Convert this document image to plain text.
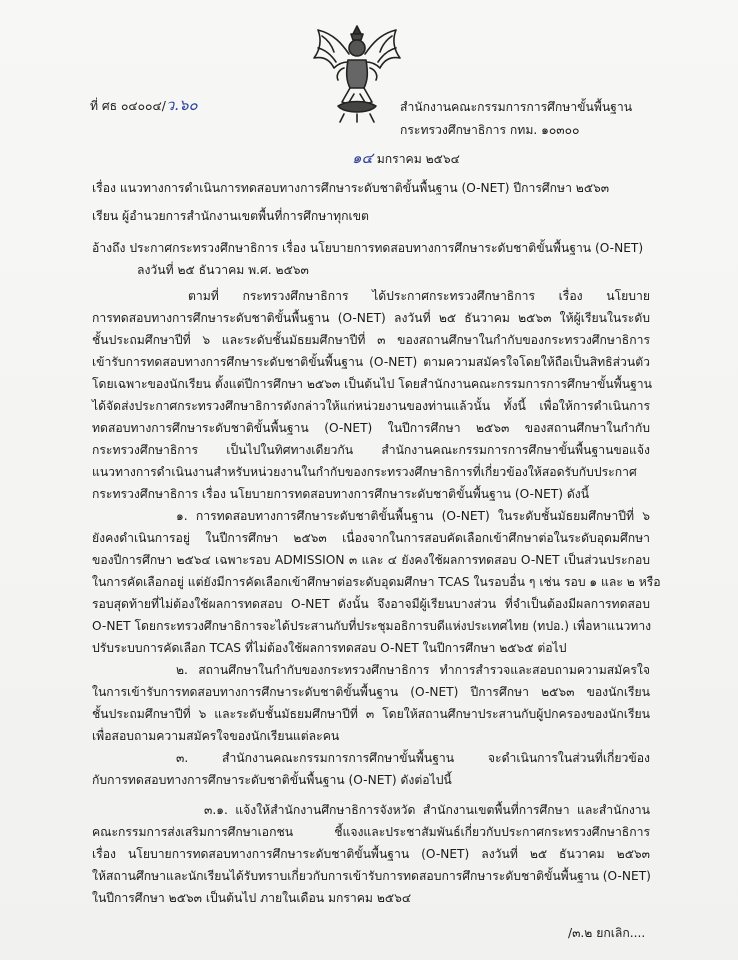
ที่ ศธ ๐๔๐๐๔/ว.๖๐	สำนักงานคณะกรรมการการศึกษาขั้นพื้นฐาน
กระทรวงศึกษาธิการ กทม. ๑๐๓๐๐
๑๔ มกราคม ๒๕๖๔
เรื่อง แนวทางการดำเนินการทดสอบทางการศึกษาระดับชาติขั้นพื้นฐาน (O-NET) ปีการศึกษา ๒๕๖๓
เรียน ผู้อำนวยการสำนักงานเขตพื้นที่การศึกษาทุกเขต
อ้างถึง ประกาศกระทรวงศึกษาธิการ เรื่อง นโยบายการทดสอบทางการศึกษาระดับชาติขั้นพื้นฐาน (O-NET)
ลงวันที่ ๒๕ ธันวาคม พ.ศ. ๒๕๖๓
ตามที่ กระทรวงศึกษาธิการ ได้ประกาศกระทรวงศึกษาธิการ เรื่อง นโยบาย
การทดสอบทางการศึกษาระดับชาติขั้นพื้นฐาน (O-NET) ลงวันที่ ๒๕ ธันวาคม ๒๕๖๓ ให้ผู้เรียนในระดับ
ชั้นประถมศึกษาปีที่ ๖ และระดับชั้นมัธยมศึกษาปีที่ ๓ ของสถานศึกษาในกำกับของกระทรวงศึกษาธิการ
เข้ารับการทดสอบทางการศึกษาระดับชาติขั้นพื้นฐาน (O-NET) ตามความสมัครใจโดยให้ถือเป็นสิทธิส่วนตัว
โดยเฉพาะของนักเรียน ตั้งแต่ปีการศึกษา ๒๕๖๓ เป็นต้นไป โดยสำนักงานคณะกรรมการการศึกษาขั้นพื้นฐาน
ได้จัดส่งประกาศกระทรวงศึกษาธิการดังกล่าวให้แก่หน่วยงานของท่านแล้วนั้น ทั้งนี้ เพื่อให้การดำเนินการ
ทดสอบทางการศึกษาระดับชาติขั้นพื้นฐาน (O-NET) ในปีการศึกษา ๒๕๖๓ ของสถานศึกษาในกำกับ
กระทรวงศึกษาธิการ เป็นไปในทิศทางเดียวกัน สำนักงานคณะกรรมการการศึกษาขั้นพื้นฐานขอแจ้ง
แนวทางการดำเนินงานสำหรับหน่วยงานในกำกับของกระทรวงศึกษาธิการที่เกี่ยวข้องให้สอดรับกับประกาศ
กระทรวงศึกษาธิการ เรื่อง นโยบายการทดสอบทางการศึกษาระดับชาติขั้นพื้นฐาน (O-NET) ดังนี้
๑. การทดสอบทางการศึกษาระดับชาติขั้นพื้นฐาน (O-NET) ในระดับชั้นมัธยมศึกษาปีที่ ๖
ยังคงดำเนินการอยู่ ในปีการศึกษา ๒๕๖๓ เนื่องจากในการสอบคัดเลือกเข้าศึกษาต่อในระดับอุดมศึกษา
ของปีการศึกษา ๒๕๖๔ เฉพาะรอบ ADMISSION ๓ และ ๔ ยังคงใช้ผลการทดสอบ O-NET เป็นส่วนประกอบ
ในการคัดเลือกอยู่ แต่ยังมีการคัดเลือกเข้าศึกษาต่อระดับอุดมศึกษา TCAS ในรอบอื่น ๆ เช่น รอบ ๑ และ ๒ หรือ
รอบสุดท้ายที่ไม่ต้องใช้ผลการทดสอบ O-NET ดังนั้น จึงอาจมีผู้เรียนบางส่วน ที่จำเป็นต้องมีผลการทดสอบ
O-NET โดยกระทรวงศึกษาธิการจะได้ประสานกับที่ประชุมอธิการบดีแห่งประเทศไทย (ทปอ.) เพื่อหาแนวทาง
ปรับระบบการคัดเลือก TCAS ที่ไม่ต้องใช้ผลการทดสอบ O-NET ในปีการศึกษา ๒๕๖๕ ต่อไป
๒. สถานศึกษาในกำกับของกระทรวงศึกษาธิการ ทำการสำรวจและสอบถามความสมัครใจ
ในการเข้ารับการทดสอบทางการศึกษาระดับชาติขั้นพื้นฐาน (O-NET) ปีการศึกษา ๒๕๖๓ ของนักเรียน
ชั้นประถมศึกษาปีที่ ๖ และระดับชั้นมัธยมศึกษาปีที่ ๓ โดยให้สถานศึกษาประสานกับผู้ปกครองของนักเรียน
เพื่อสอบถามความสมัครใจของนักเรียนแต่ละคน
๓. สำนักงานคณะกรรมการการศึกษาขั้นพื้นฐาน จะดำเนินการในส่วนที่เกี่ยวข้อง
กับการทดสอบทางการศึกษาระดับชาติขั้นพื้นฐาน (O-NET) ดังต่อไปนี้
๓.๑. แจ้งให้สำนักงานศึกษาธิการจังหวัด สำนักงานเขตพื้นที่การศึกษา และสำนักงาน
คณะกรรมการส่งเสริมการศึกษาเอกชน ชี้แจงและประชาสัมพันธ์เกี่ยวกับประกาศกระทรวงศึกษาธิการ
เรื่อง นโยบายการทดสอบทางการศึกษาระดับชาติขั้นพื้นฐาน (O-NET) ลงวันที่ ๒๕ ธันวาคม ๒๕๖๓
ให้สถานศึกษาและนักเรียนได้รับทราบเกี่ยวกับการเข้ารับการทดสอบการศึกษาระดับชาติขั้นพื้นฐาน (O-NET)
ในปีการศึกษา ๒๕๖๓ เป็นต้นไป ภายในเดือน มกราคม ๒๕๖๔
/๓.๒ ยกเลิก....
